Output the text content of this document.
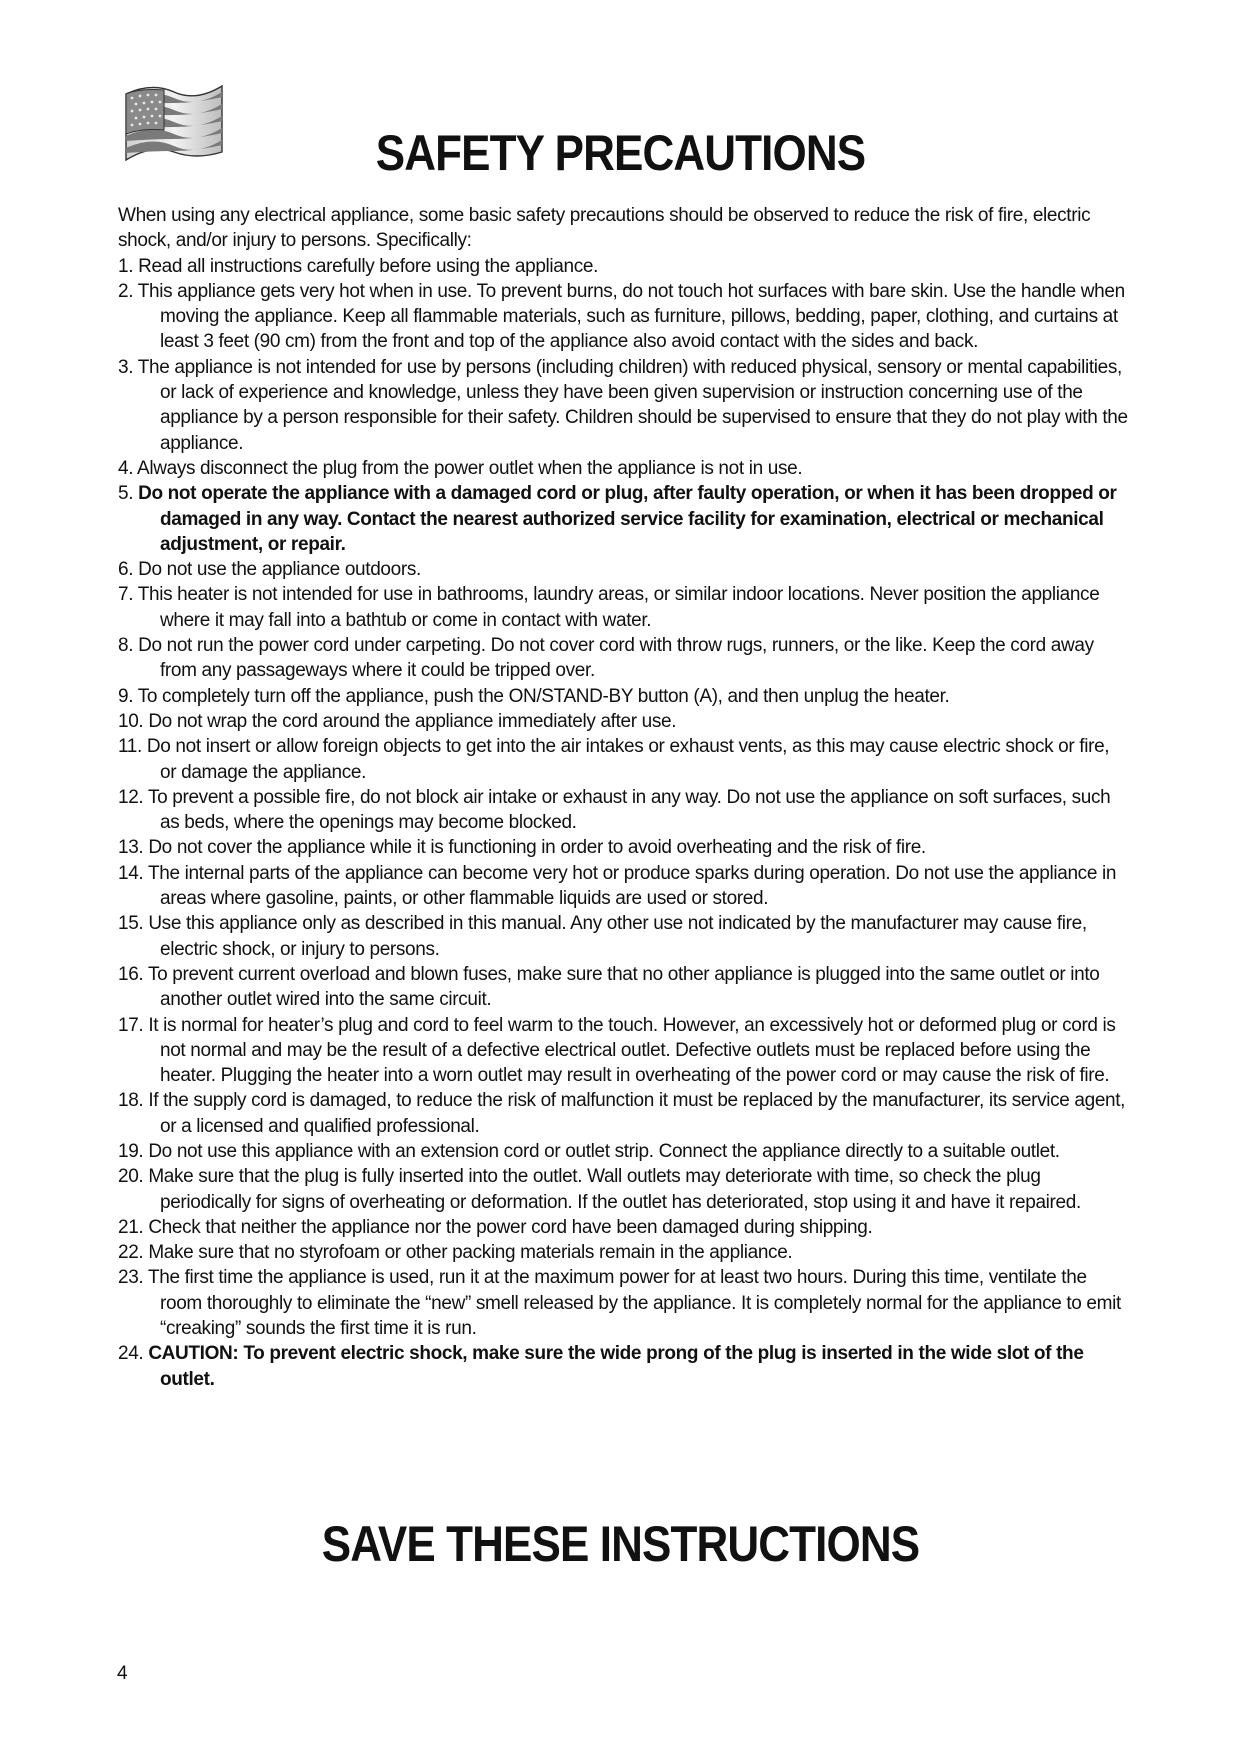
SAFETY PRECAUTIONS

When using any electrical appliance, some basic safety precautions should be observed to reduce the risk of fire, electric shock, and/or injury to persons. Specifically:

1. Read all instructions carefully before using the appliance.

2. This appliance gets very hot when in use. To prevent burns, do not touch hot surfaces with bare skin. Use the handle when moving the appliance. Keep all flammable materials, such as furniture, pillows, bedding, paper, clothing, and curtains at least 3 feet (90 cm) from the front and top of the appliance also avoid contact with the sides and back.

3. The appliance is not intended for use by persons (including children) with reduced physical, sensory or mental capabilities, or lack of experience and knowledge, unless they have been given supervision or instruction concerning use of the appliance by a person responsible for their safety. Children should be supervised to ensure that they do not play with the appliance.

4. Always disconnect the plug from the power outlet when the appliance is not in use.

5. Do not operate the appliance with a damaged cord or plug, after faulty operation, or when it has been dropped or damaged in any way. Contact the nearest authorized service facility for examination, electrical or mechanical adjustment, or repair.

6. Do not use the appliance outdoors.

7. This heater is not intended for use in bathrooms, laundry areas, or similar indoor locations. Never position the appliance where it may fall into a bathtub or come in contact with water.

8. Do not run the power cord under carpeting. Do not cover cord with throw rugs, runners, or the like. Keep the cord away from any passageways where it could be tripped over.

9. To completely turn off the appliance, push the ON/STAND-BY button (A), and then unplug the heater.

10. Do not wrap the cord around the appliance immediately after use.

11. Do not insert or allow foreign objects to get into the air intakes or exhaust vents, as this may cause electric shock or fire, or damage the appliance.

12. To prevent a possible fire, do not block air intake or exhaust in any way. Do not use the appliance on soft surfaces, such as beds, where the openings may become blocked.

13. Do not cover the appliance while it is functioning in order to avoid overheating and the risk of fire.

14. The internal parts of the appliance can become very hot or produce sparks during operation. Do not use the appliance in areas where gasoline, paints, or other flammable liquids are used or stored.

15. Use this appliance only as described in this manual. Any other use not indicated by the manufacturer may cause fire, electric shock, or injury to persons.

16. To prevent current overload and blown fuses, make sure that no other appliance is plugged into the same outlet or into another outlet wired into the same circuit.

17. It is normal for heater’s plug and cord to feel warm to the touch. However, an excessively hot or deformed plug or cord is not normal and may be the result of a defective electrical outlet. Defective outlets must be replaced before using the heater. Plugging the heater into a worn outlet may result in overheating of the power cord or may cause the risk of fire.

18. If the supply cord is damaged, to reduce the risk of malfunction it must be replaced by the manufacturer, its service agent, or a licensed and qualified professional.

19. Do not use this appliance with an extension cord or outlet strip. Connect the appliance directly to a suitable outlet.

20. Make sure that the plug is fully inserted into the outlet. Wall outlets may deteriorate with time, so check the plug periodically for signs of overheating or deformation. If the outlet has deteriorated, stop using it and have it repaired.

21. Check that neither the appliance nor the power cord have been damaged during shipping.

22. Make sure that no styrofoam or other packing materials remain in the appliance.

23. The first time the appliance is used, run it at the maximum power for at least two hours. During this time, ventilate the room thoroughly to eliminate the “new” smell released by the appliance. It is completely normal for the appliance to emit “creaking” sounds the first time it is run.

24. CAUTION: To prevent electric shock, make sure the wide prong of the plug is inserted in the wide slot of the outlet.

SAVE THESE INSTRUCTIONS
4
